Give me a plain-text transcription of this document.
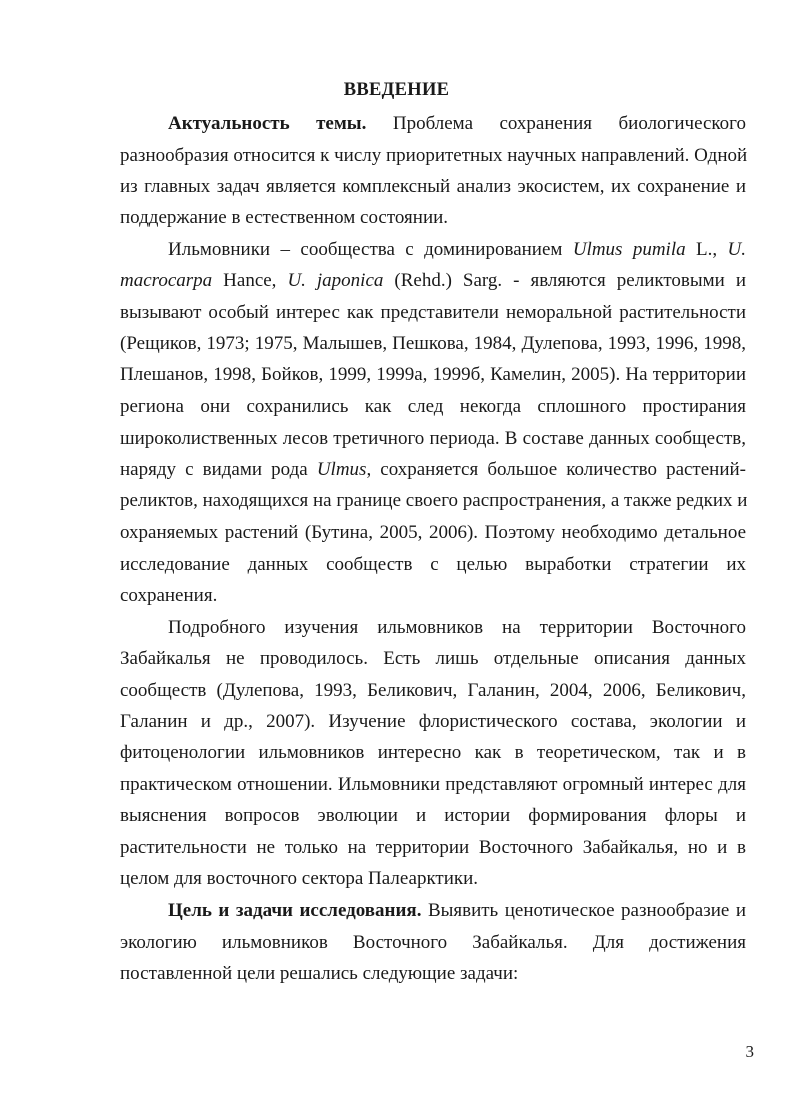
ВВЕДЕНИЕ
Актуальность темы. Проблема сохранения биологического
разнообразия относится к числу приоритетных научных направлений. Одной
из главных задач является комплексный анализ экосистем, их сохранение и
поддержание в естественном состоянии.
Ильмовники – сообщества с доминированием Ulmus pumila L., U.
macrocarpa Hance, U. japonica (Rehd.) Sarg. - являются реликтовыми и
вызывают особый интерес как представители неморальной растительности
(Рещиков, 1973; 1975, Малышев, Пешкова, 1984, Дулепова, 1993, 1996, 1998,
Плешанов, 1998, Бойков, 1999, 1999а, 1999б, Камелин, 2005). На территории
региона они сохранились как след некогда сплошного простирания
широколиственных лесов третичного периода. В составе данных сообществ,
наряду с видами рода Ulmus, сохраняется большое количество растений-
реликтов, находящихся на границе своего распространения, а также редких и
охраняемых растений (Бутина, 2005, 2006). Поэтому необходимо детальное
исследование данных сообществ с целью выработки стратегии их
сохранения.
Подробного изучения ильмовников на территории Восточного
Забайкалья не проводилось. Есть лишь отдельные описания данных
сообществ (Дулепова, 1993, Беликович, Галанин, 2004, 2006, Беликович,
Галанин и др., 2007). Изучение флористического состава, экологии и
фитоценологии ильмовников интересно как в теоретическом, так и в
практическом отношении. Ильмовники представляют огромный интерес для
выяснения вопросов эволюции и истории формирования флоры и
растительности не только на территории Восточного Забайкалья, но и в
целом для восточного сектора Палеарктики.
Цель и задачи исследования. Выявить ценотическое разнообразие и
экологию ильмовников Восточного Забайкалья. Для достижения
поставленной цели решались следующие задачи:
3
